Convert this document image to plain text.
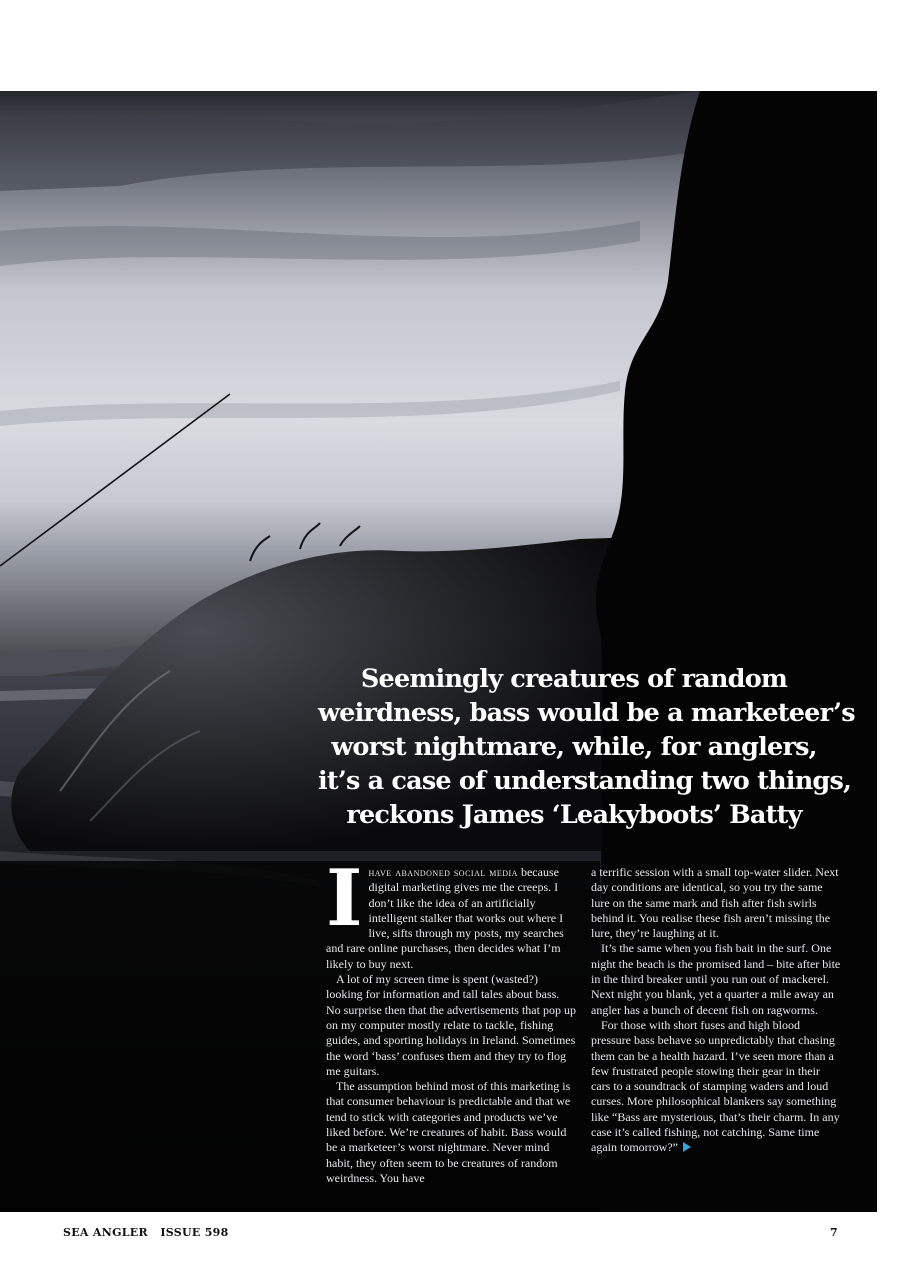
Seemingly creatures of random
weirdness, bass would be a marketeer’s
worst nightmare, while, for anglers,
it’s a case of understanding two things,
reckons James ‘Leakyboots’ Batty

Ihave abandoned social media because digital marketing gives me the creeps. I don’t like the idea of an artificially intelligent stalker that works out where I live, sifts through my posts, my searches and rare online purchases, then decides what I’m likely to buy next.

A lot of my screen time is spent (wasted?) looking for information and tall tales about bass. No surprise then that the advertisements that pop up on my computer mostly relate to tackle, fishing guides, and sporting holidays in Ireland. Sometimes the word ‘bass’ confuses them and they try to flog me guitars.

The assumption behind most of this marketing is that consumer behaviour is predictable and that we tend to stick with categories and products we’ve liked before. We’re creatures of habit. Bass would be a marketeer’s worst nightmare. Never mind habit, they often seem to be creatures of random weirdness. You have

a terrific session with a small top-water slider. Next day conditions are identical, so you try the same lure on the same mark and fish after fish swirls behind it. You realise these fish aren’t missing the lure, they’re laughing at it.

It’s the same when you fish bait in the surf. One night the beach is the promised land – bite after bite in the third breaker until you run out of mackerel. Next night you blank, yet a quarter a mile away an angler has a bunch of decent fish on ragworms.

For those with short fuses and high blood pressure bass behave so unpredictably that chasing them can be a health hazard. I’ve seen more than a few frustrated people stowing their gear in their cars to a soundtrack of stamping waders and loud curses. More philosophical blankers say something like “Bass are mysterious, that’s their charm. In any case it’s called fishing, not catching. Same time again tomorrow?”

SEA ANGLER ISSUE 598	7
